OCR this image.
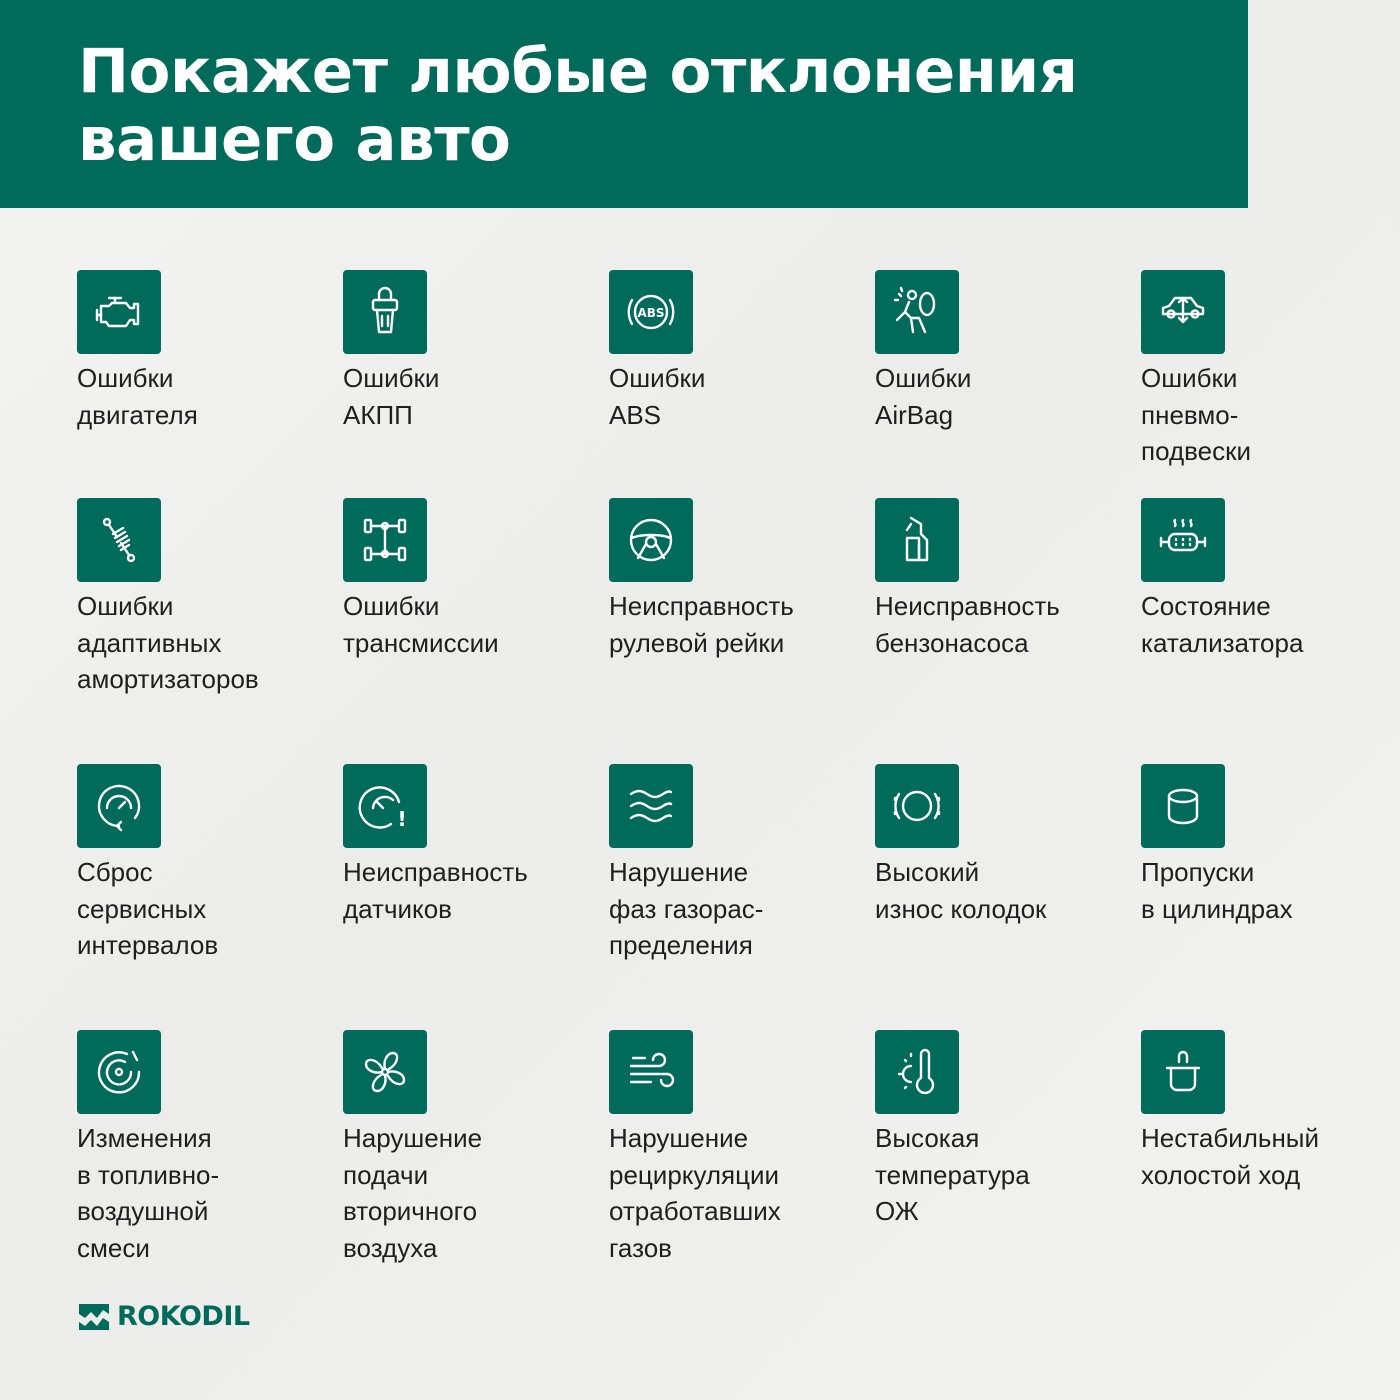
Покажет любые отклонения
вашего авто
Ошибки
двигателя
Ошибки
АКПП
ABS
Ошибки
ABS
Ошибки
AirBag
Ошибки
пневмо-
подвески
Ошибки
адаптивных
амортизаторов
Ошибки
трансмиссии
Неисправность
рулевой рейки
Неисправность
бензонасоса
Состояние
катализатора
Сброс
сервисных
интервалов
!
Неисправность
датчиков
Нарушение
фаз газорас-
пределения
Высокий
износ колодок
Пропуски
в цилиндрах
Изменения
в топливно-
воздушной
смеси
Нарушение
подачи
вторичного
воздуха
Нарушение
рециркуляции
отработавших
газов
Высокая
температура
ОЖ
Нестабильный
холостой ход
ROKODIL
